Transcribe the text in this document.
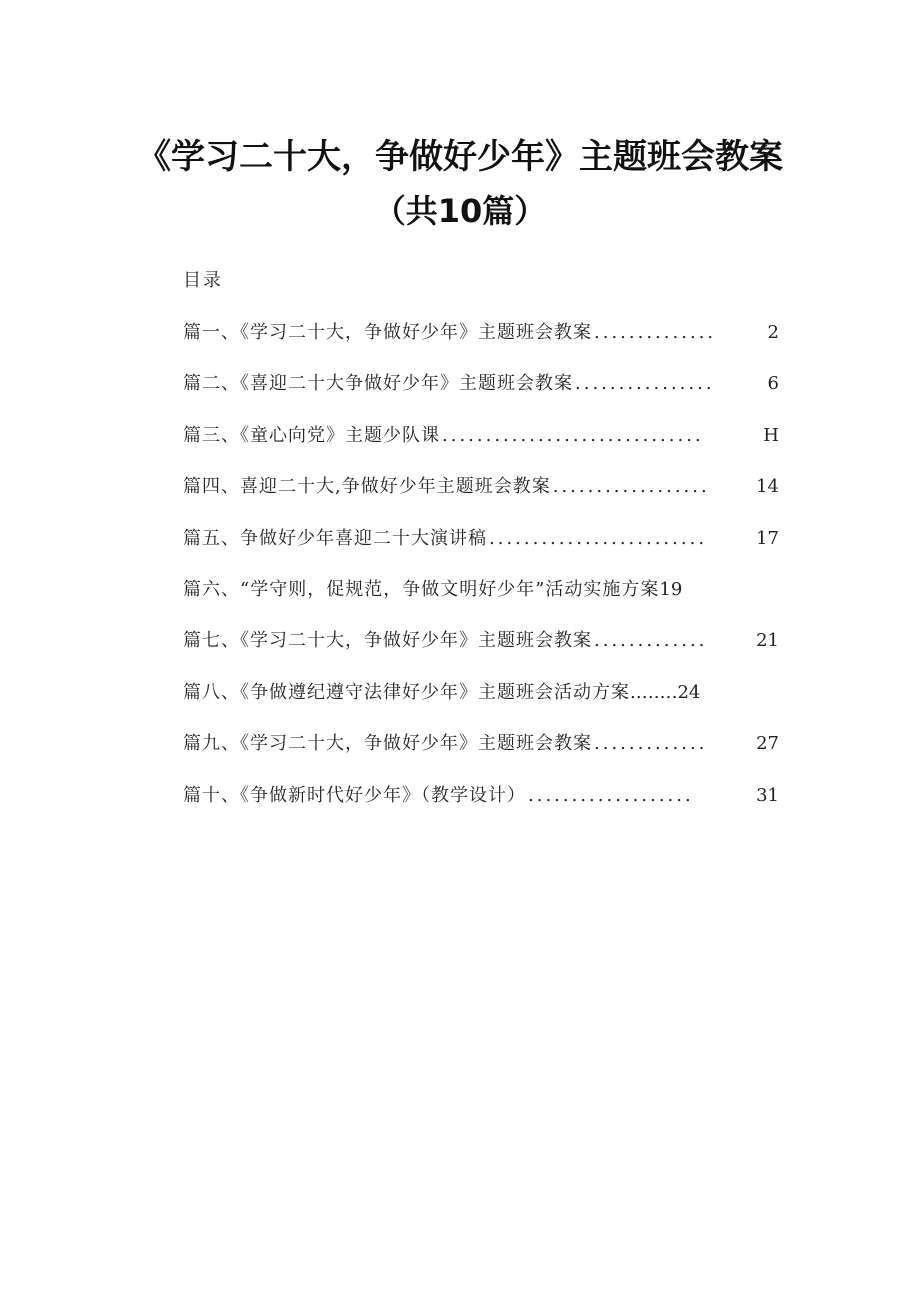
《学习二十大，争做好少年》主题班会教案
（共10篇）
目录
篇一、《学习二十大，争做好少年》主题班会教案 ..............	2
篇二、《喜迎二十大争做好少年》主题班会教案 ................	6
篇三、《童心向党》主题少队课 ..............................	H
篇四、喜迎二十大,争做好少年主题班会教案 ..................	14
篇五、争做好少年喜迎二十大演讲稿 .........................	17
篇六、“学守则，促规范，争做文明好少年”活动实施方案 19
篇七、《学习二十大，争做好少年》主题班会教案 .............	21
篇八、《争做遵纪遵守法律好少年》主题班会活动方案 .….… 24
篇九、《学习二十大，争做好少年》主题班会教案 .............	27
篇十、《争做新时代好少年》（教学设计） ...................	31
